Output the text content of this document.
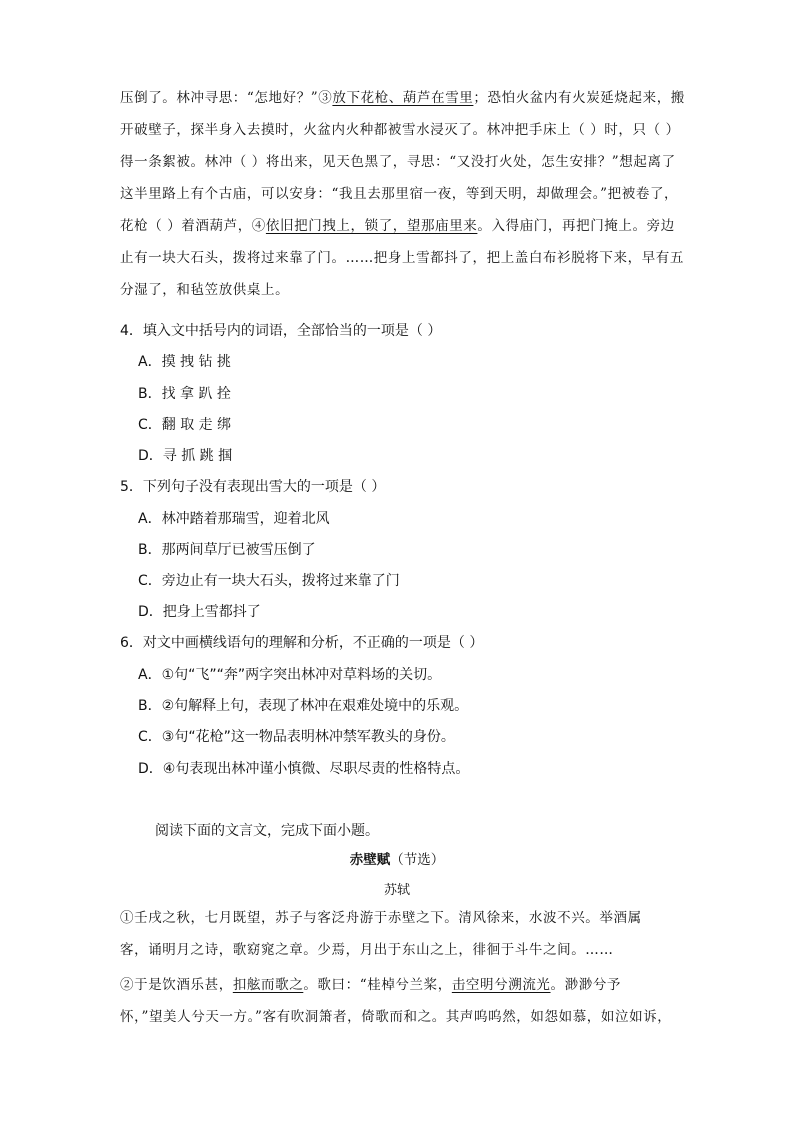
压倒了。林冲寻思：“怎地好？”③放下花枪、葫芦在雪里；恐怕火盆内有火炭延烧起来，搬

开破壁子，探半身入去摸时，火盆内火种都被雪水浸灭了。林冲把手床上（ ）时，只（ ）

得一条絮被。林冲（ ）将出来，见天色黑了，寻思：“又没打火处，怎生安排？”想起离了

这半里路上有个古庙，可以安身：“我且去那里宿一夜，等到天明，却做理会。”把被卷了，

花枪（ ）着酒葫芦，④依旧把门拽上，锁了，望那庙里来。入得庙门，再把门掩上。旁边

止有一块大石头，拨将过来靠了门。……把身上雪都抖了，把上盖白布衫脱将下来，早有五

分湿了，和毡笠放供桌上。

4．填入文中括号内的词语，全部恰当的一项是（ ）
A．摸 拽 钻 挑
B．找 拿 趴 拴
C．翻 取 走 绑
D．寻 抓 跳 掴
5．下列句子没有表现出雪大的一项是（ ）
A．林冲踏着那瑞雪，迎着北风
B．那两间草厅已被雪压倒了
C．旁边止有一块大石头，拨将过来靠了门
D．把身上雪都抖了
6．对文中画横线语句的理解和分析，不正确的一项是（ ）
A．①句“飞”“奔”两字突出林冲对草料场的关切。
B．②句解释上句，表现了林冲在艰难处境中的乐观。
C．③句“花枪”这一物品表明林冲禁军教头的身份。
D．④句表现出林冲谨小慎微、尽职尽责的性格特点。
阅读下面的文言文，完成下面小题。
赤壁赋（节选）
苏轼

①壬戌之秋，七月既望，苏子与客泛舟游于赤壁之下。清风徐来，水波不兴。举酒属

客，诵明月之诗，歌窈窕之章。少焉，月出于东山之上，徘徊于斗牛之间。……

②于是饮酒乐甚，扣舷而歌之。歌曰：“桂棹兮兰桨，击空明兮溯流光。渺渺兮予

怀，”望美人兮天一方。”客有吹洞箫者，倚歌而和之。其声呜呜然，如怨如慕，如泣如诉，
